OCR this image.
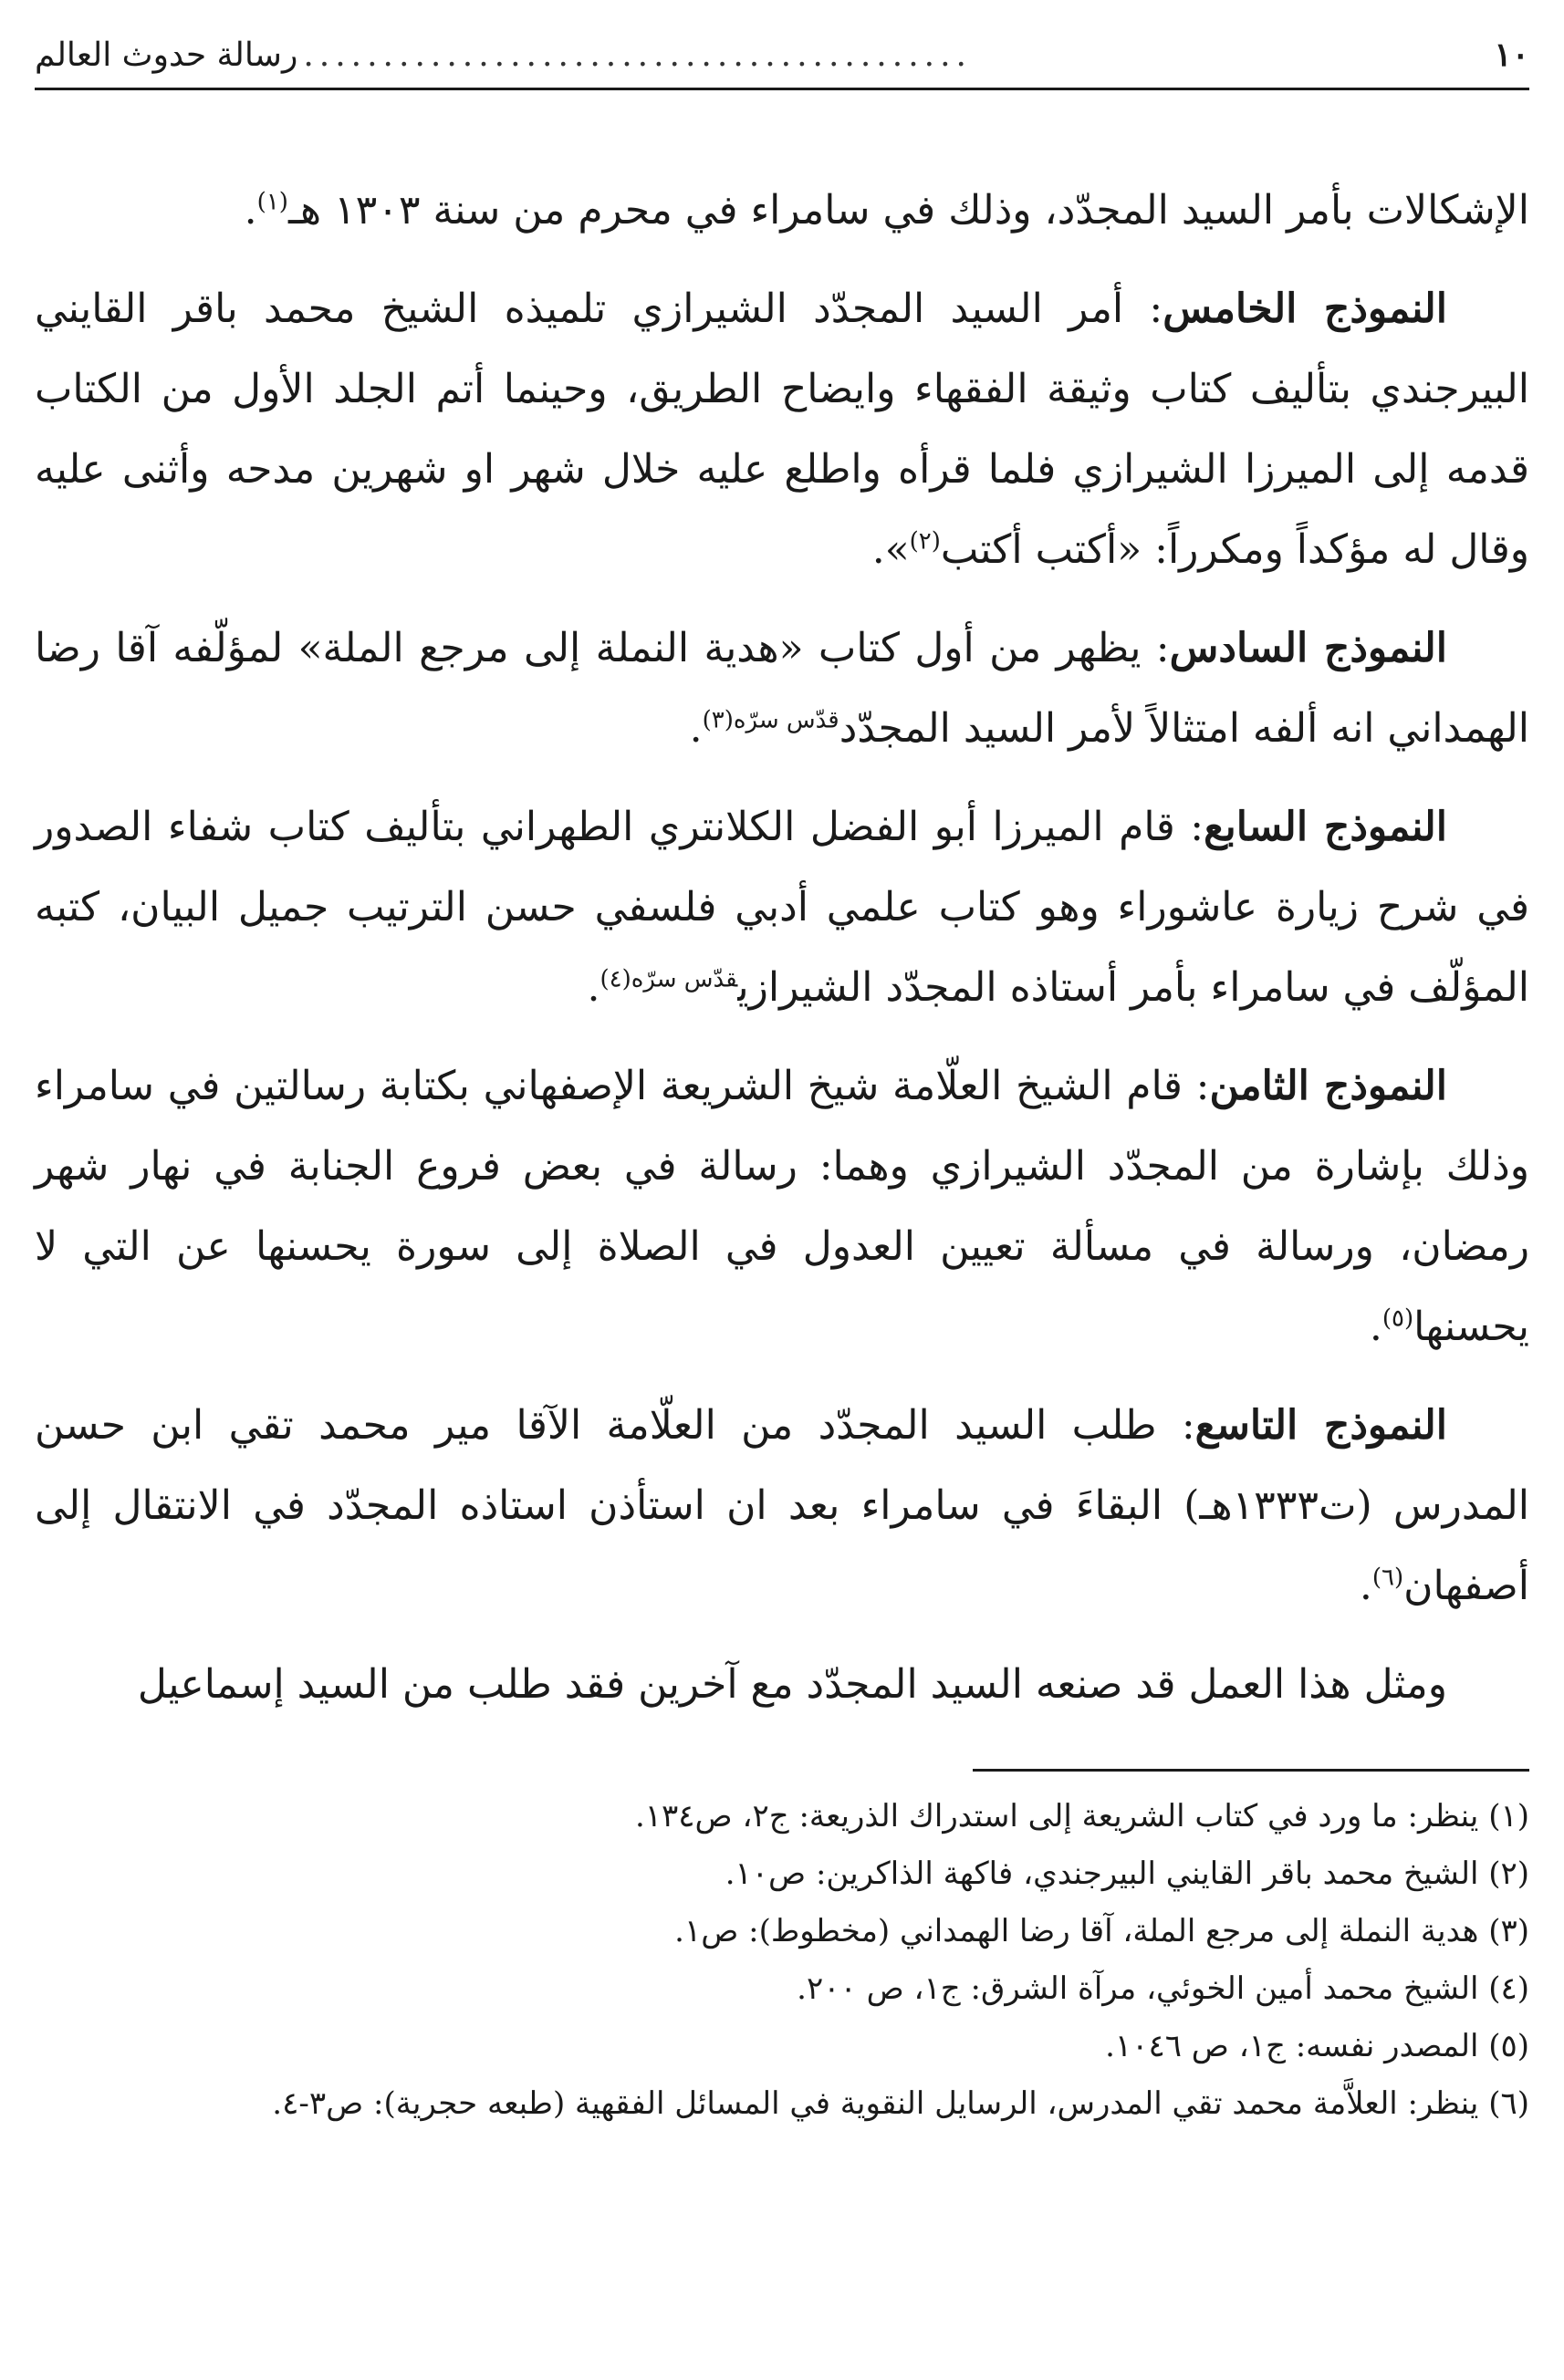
١٠
..........................................
رسالة حدوث العالم

الإشكالات بأمر السيد المجدّد، وذلك في سامراء في محرم من سنة ١٣٠٣ هـ$^{(١)}$.

النموذج الخامس: أمر السيد المجدّد الشيرازي تلميذه الشيخ محمد باقر القايني البيرجندي بتأليف كتاب وثيقة الفقهاء وايضاح الطريق، وحينما أتم الجلد الأول من الكتاب قدمه إلى الميرزا الشيرازي فلما قرأه واطلع عليه خلال شهر او شهرين مدحه وأثنى عليه وقال له مؤكداً ومكرراً: «أكتب أكتب$^{(٢)}$».

النموذج السادس: يظهر من أول كتاب «هدية النملة إلى مرجع الملة» لمؤلّفه آقا رضا الهمداني انه ألفه امتثالاً لأمر السيد المجدّد$^{قدّس سرّه(٣)}$.

النموذج السابع: قام الميرزا أبو الفضل الكلانتري الطهراني بتأليف كتاب شفاء الصدور في شرح زيارة عاشوراء وهو كتاب علمي أدبي فلسفي حسن الترتيب جميل البيان، كتبه المؤلّف في سامراء بأمر أستاذه المجدّد الشيرازي$^{قدّس سرّه(٤)}$.

النموذج الثامن: قام الشيخ العلّامة شيخ الشريعة الإصفهاني بكتابة رسالتين في سامراء وذلك بإشارة من المجدّد الشيرازي وهما: رسالة في بعض فروع الجنابة في نهار شهر رمضان، ورسالة في مسألة تعيين العدول في الصلاة إلى سورة يحسنها عن التي لا يحسنها$^{(٥)}$.

النموذج التاسع: طلب السيد المجدّد من العلّامة الآقا مير محمد تقي ابن حسن المدرس (ت١٣٣٣هـ) البقاءَ في سامراء بعد ان استأذن استاذه المجدّد في الانتقال إلى أصفهان$^{(٦)}$.

ومثل هذا العمل قد صنعه السيد المجدّد مع آخرين فقد طلب من السيد إسماعيل

(١) ينظر: ما ورد في كتاب الشريعة إلى استدراك الذريعة: ج٢، ص١٣٤.
(٢) الشيخ محمد باقر القايني البيرجندي، فاكهة الذاكرين: ص١٠.
(٣) هدية النملة إلى مرجع الملة، آقا رضا الهمداني (مخطوط): ص١.
(٤) الشيخ محمد أمين الخوئي، مرآة الشرق: ج١، ص ٢٠٠.
(٥) المصدر نفسه: ج١، ص ١٠٤٦.
(٦) ينظر: العلاَّمة محمد تقي المدرس، الرسايل النقوية في المسائل الفقهية (طبعه حجرية): ص٣-٤.
